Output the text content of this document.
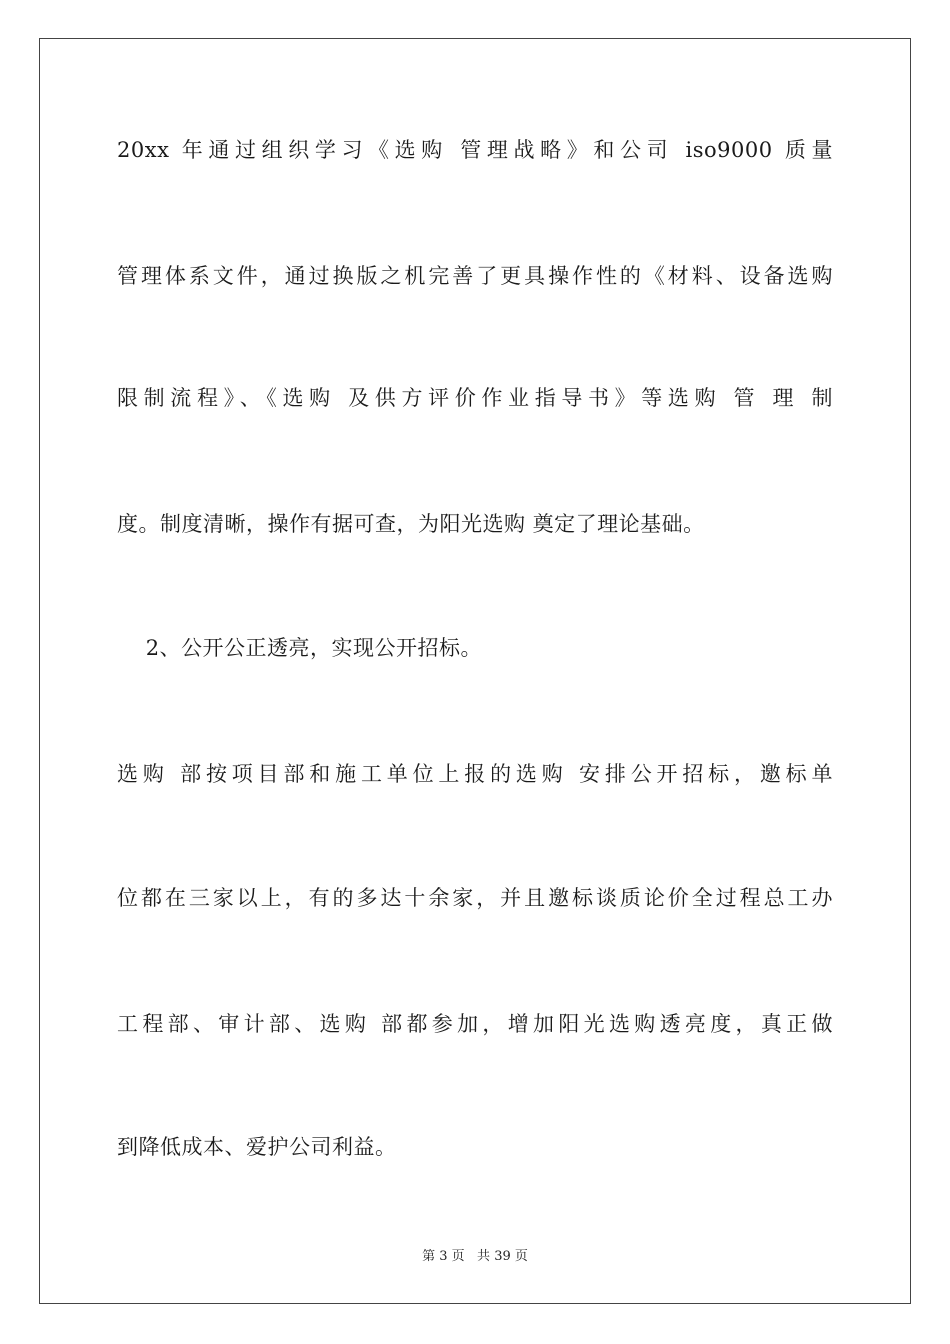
20xx 年通过组织学习《选购 管理战略》和公司 iso9000 质量
管理体系文件，通过换版之机完善了更具操作性的《材料、设备选购
限制流程》、《选购 及供方评价作业指导书》等选购 管 理 制
度。制度清晰，操作有据可查，为阳光选购 奠定了理论基础。
2、公开公正透亮，实现公开招标。
选购 部按项目部和施工单位上报的选购 安排公开招标，邀标单
位都在三家以上，有的多达十余家，并且邀标谈质论价全过程总工办
工程部、审计部、选购 部都参加，增加阳光选购透亮度，真正做
到降低成本、爱护公司利益。
第 3 页   共 39 页
